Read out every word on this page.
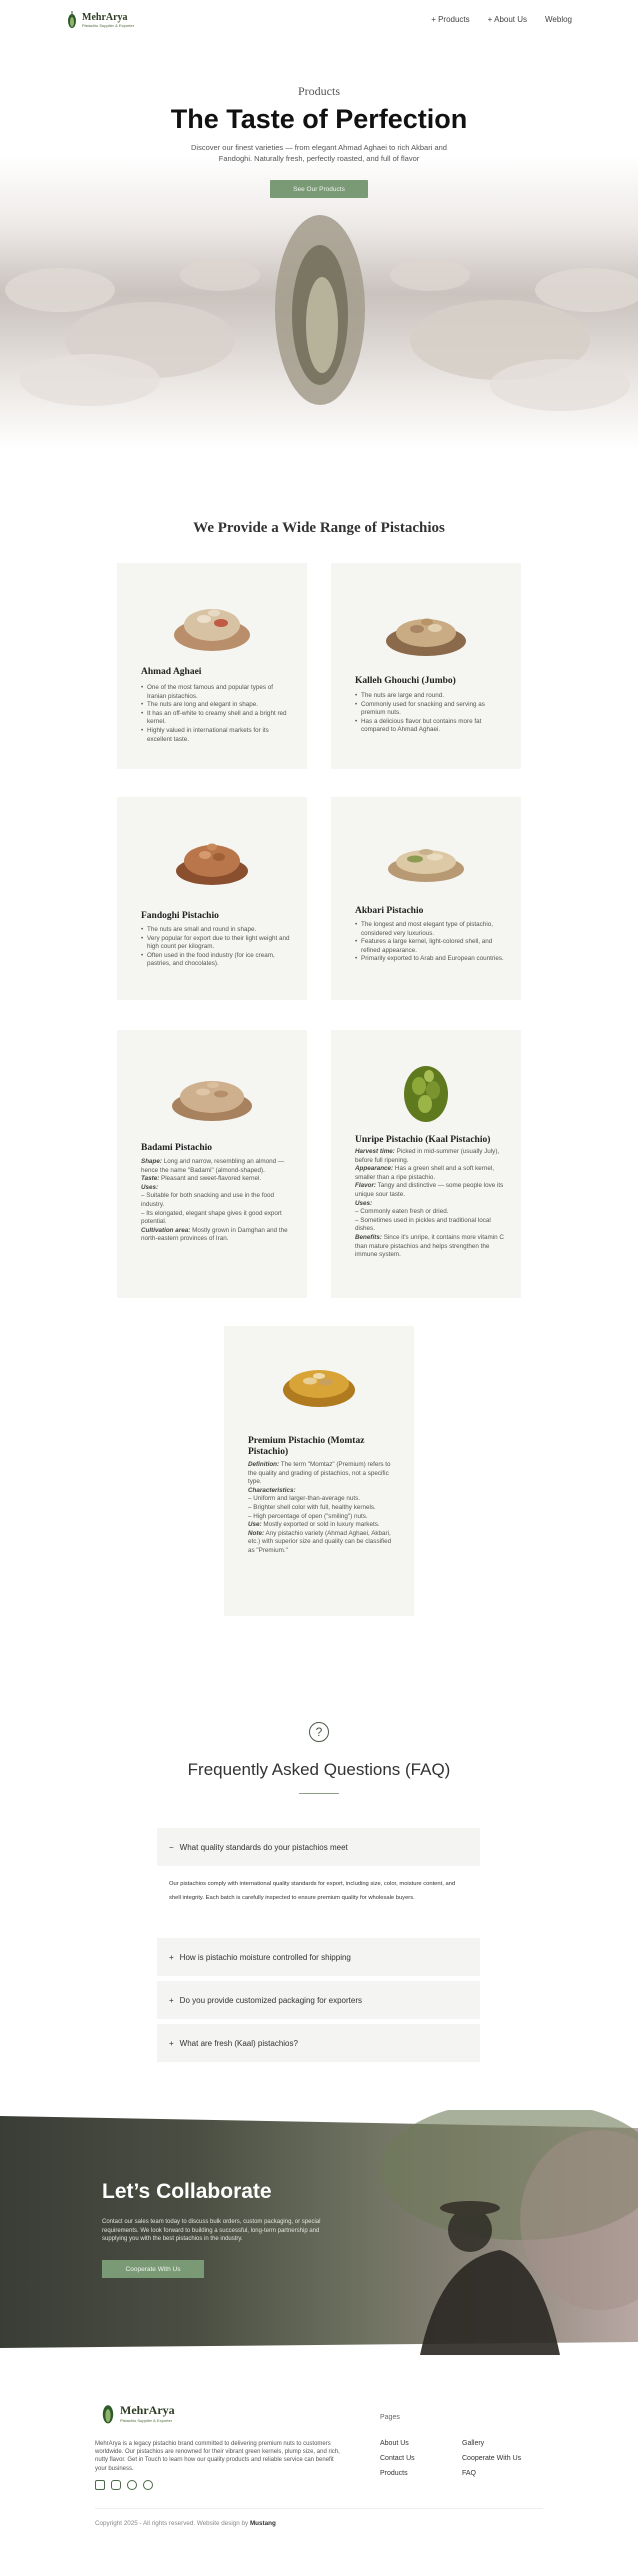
MehrArya
Pistachio Supplier & Exporter
+ Products + About Us Weblog
Products
The Taste of Perfection
Discover our finest varieties — from elegant Ahmad Aghaei to rich Akbari and Fandoghi. Naturally fresh, perfectly roasted, and full of flavor
See Our Products
We Provide a Wide Range of Pistachios
Ahmad Aghaei
• One of the most famous and popular types of Iranian pistachios.
• The nuts are long and elegant in shape.
• It has an off-white to creamy shell and a bright red kernel.
• Highly valued in international markets for its excellent taste.
Kalleh Ghouchi (Jumbo)
• The nuts are large and round.
• Commonly used for snacking and serving as premium nuts.
• Has a delicious flavor but contains more fat compared to Ahmad Aghaei.
Fandoghi Pistachio
• The nuts are small and round in shape.
• Very popular for export due to their light weight and high count per kilogram.
• Often used in the food industry (for ice cream, pastries, and chocolates).
Akbari Pistachio
• The longest and most elegant type of pistachio, considered very luxurious.
• Features a large kernel, light-colored shell, and refined appearance.
• Primarily exported to Arab and European countries.
Badami Pistachio
Shape: Long and narrow, resembling an almond — hence the name "Badami" (almond-shaped).
Taste: Pleasant and sweet-flavored kernel.
Uses:
– Suitable for both snacking and use in the food industry.
– Its elongated, elegant shape gives it good export potential.
Cultivation area: Mostly grown in Damghan and the north-eastern provinces of Iran.
Unripe Pistachio (Kaal Pistachio)
Harvest time: Picked in mid-summer (usually July), before full ripening.
Appearance: Has a green shell and a soft kernel, smaller than a ripe pistachio.
Flavor: Tangy and distinctive — some people love its unique sour taste.
Uses:
– Commonly eaten fresh or dried.
– Sometimes used in pickles and traditional local dishes.
Benefits: Since it's unripe, it contains more vitamin C than mature pistachios and helps strengthen the immune system.
Premium Pistachio (Momtaz Pistachio)
Definition: The term "Momtaz" (Premium) refers to the quality and grading of pistachios, not a specific type.
Characteristics:
– Uniform and larger-than-average nuts.
– Brighter shell color with full, healthy kernels.
– High percentage of open ("smiling") nuts.
Use: Mostly exported or sold in luxury markets.
Note: Any pistachio variety (Ahmad Aghaei, Akbari, etc.) with superior size and quality can be classified as "Premium."
?
Frequently Asked Questions (FAQ)
− What quality standards do your pistachios meet
Our pistachios comply with international quality standards for export, including size, color, moisture content, and shell integrity. Each batch is carefully inspected to ensure premium quality for wholesale buyers.
+ How is pistachio moisture controlled for shipping
+ Do you provide customized packaging for exporters
+ What are fresh (Kaal) pistachios?
Let’s Collaborate
Contact our sales team today to discuss bulk orders, custom packaging, or special requirements. We look forward to building a successful, long-term partnership and supplying you with the best pistachios in the industry.
Cooperate With Us
MehrArya
Pistachio Supplier & Exporter
MehrArya is a legacy pistachio brand committed to delivering premium nuts to customers worldwide. Our pistachios are renowned for their vibrant green kernels, plump size, and rich, nutty flavor. Get in Touch to learn how our quality products and reliable service can benefit your business.
Pages
About Us	Gallery
Contact Us	Cooperate With Us
Products	FAQ
Copyright 2025 - All rights reserved. Website design by Mustang
